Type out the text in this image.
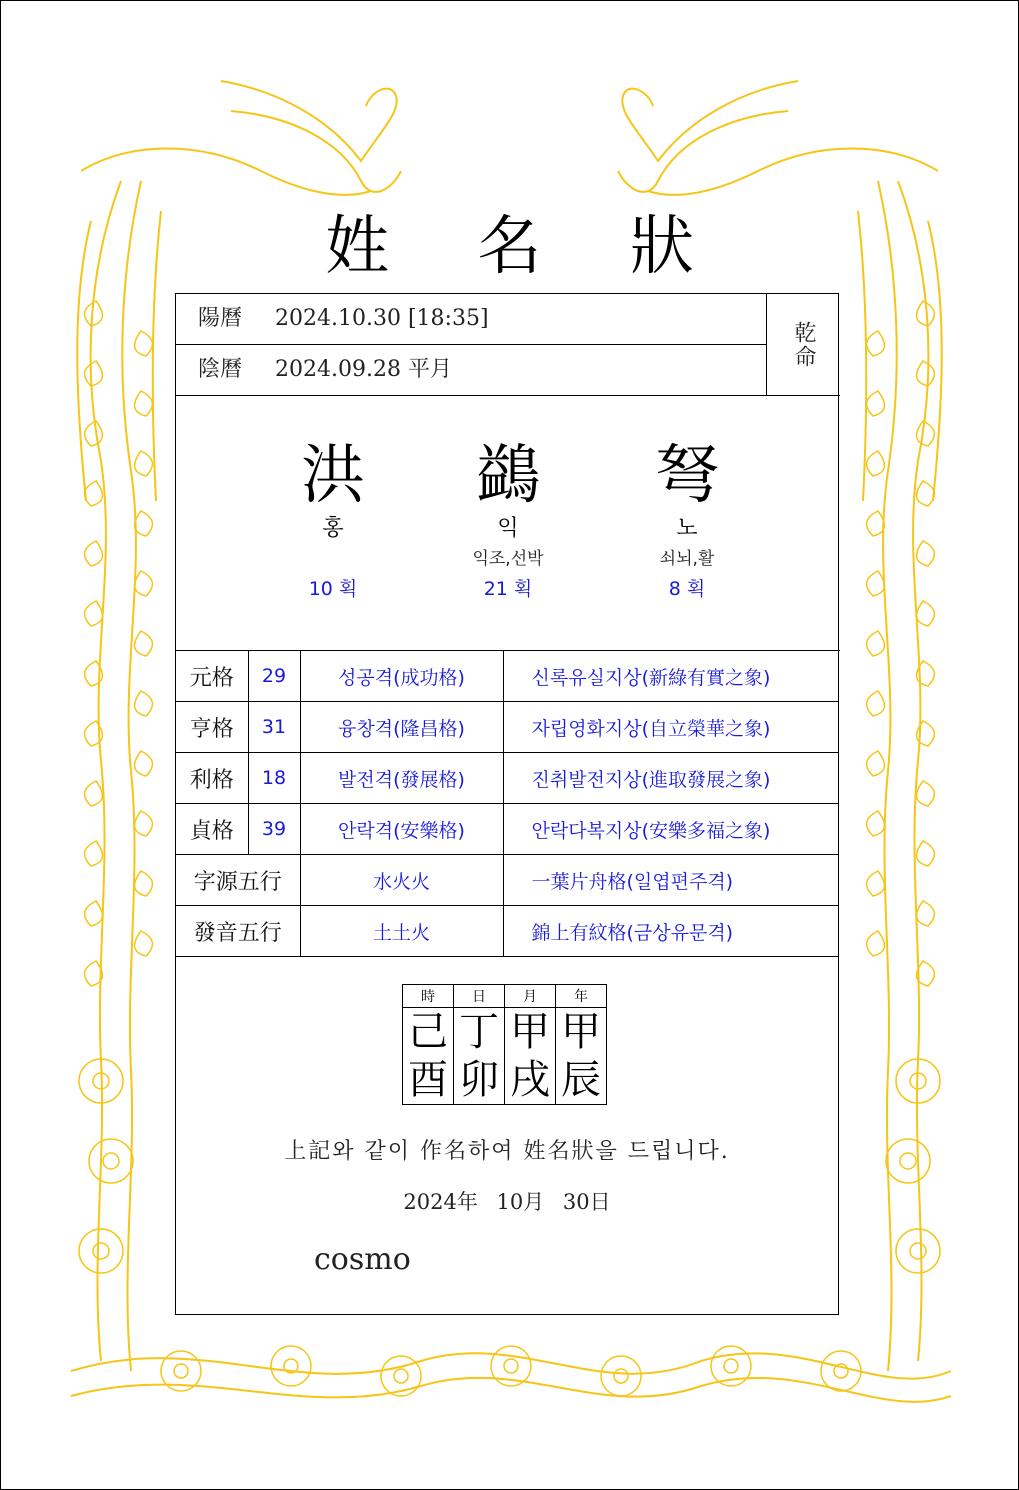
姓 名 狀
陽曆 2024.10.30 [18:35]
陰曆 2024.09.28 平月
乾命
洪
홍
10 획
鷁
익
익조,선박
21 획
弩
노
쇠뇌,활
8 획
元格	29	성공격(成功格)	신록유실지상(新綠有實之象)
亨格	31	융창격(隆昌格)	자립영화지상(自立榮華之象)
利格	18	발전격(發展格)	진취발전지상(進取發展之象)
貞格	39	안락격(安樂格)	안락다복지상(安樂多福之象)
字源五行		水火火	一葉片舟格(일엽편주격)
發音五行		土土火	錦上有紋格(금상유문격)
時	日	月	年
己	丁	甲	甲
酉	卯	戌	辰
上記와 같이 作名하여 姓名狀을 드립니다.
2024年 10月 30日
cosmo
